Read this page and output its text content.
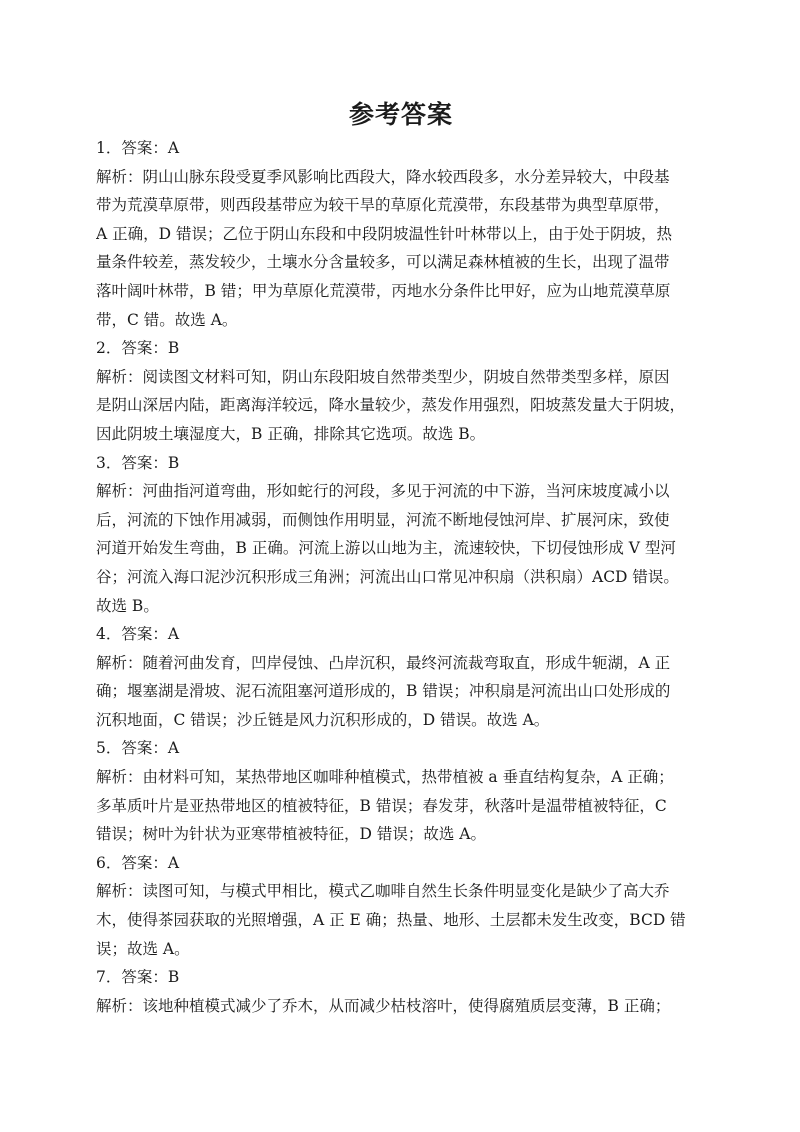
参考答案
1．答案：A
解析：阴山山脉东段受夏季风影响比西段大，降水较西段多，水分差异较大，中段基
带为荒漠草原带，则西段基带应为较干旱的草原化荒漠带，东段基带为典型草原带，
A 正确，D 错误；乙位于阴山东段和中段阴坡温性针叶林带以上，由于处于阴坡，热
量条件较差，蒸发较少，土壤水分含量较多，可以满足森林植被的生长，出现了温带
落叶阔叶林带，B 错；甲为草原化荒漠带，丙地水分条件比甲好，应为山地荒漠草原
带，C 错。故选 A。
2．答案：B
解析：阅读图文材料可知，阴山东段阳坡自然带类型少，阴坡自然带类型多样，原因
是阴山深居内陆，距离海洋较远，降水量较少，蒸发作用强烈，阳坡蒸发量大于阴坡，
因此阴坡土壤湿度大，B 正确，排除其它选项。故选 B。
3．答案：B
解析：河曲指河道弯曲，形如蛇行的河段，多见于河流的中下游，当河床坡度减小以
后，河流的下蚀作用减弱，而侧蚀作用明显，河流不断地侵蚀河岸、扩展河床，致使
河道开始发生弯曲，B 正确。河流上游以山地为主，流速较快，下切侵蚀形成 V 型河
谷；河流入海口泥沙沉积形成三角洲；河流出山口常见冲积扇（洪积扇）ACD 错误。
故选 B。
4．答案：A
解析：随着河曲发育，凹岸侵蚀、凸岸沉积，最终河流裁弯取直，形成牛轭湖，A 正
确；堰塞湖是滑坡、泥石流阻塞河道形成的，B 错误；冲积扇是河流出山口处形成的
沉积地面，C 错误；沙丘链是风力沉积形成的，D 错误。故选 A。
5．答案：A
解析：由材料可知，某热带地区咖啡种植模式，热带植被 a 垂直结构复杂，A 正确；
多革质叶片是亚热带地区的植被特征，B 错误；春发芽，秋落叶是温带植被特征，C
错误；树叶为针状为亚寒带植被特征，D 错误；故选 A。
6．答案：A
解析：读图可知，与模式甲相比，模式乙咖啡自然生长条件明显变化是缺少了高大乔
木，使得茶园获取的光照增强，A 正 E 确；热量、地形、土层都未发生改变，BCD 错
误；故选 A。
7．答案：B
解析：该地种植模式减少了乔木，从而减少枯枝溶叶，使得腐殖质层变薄，B 正确；
